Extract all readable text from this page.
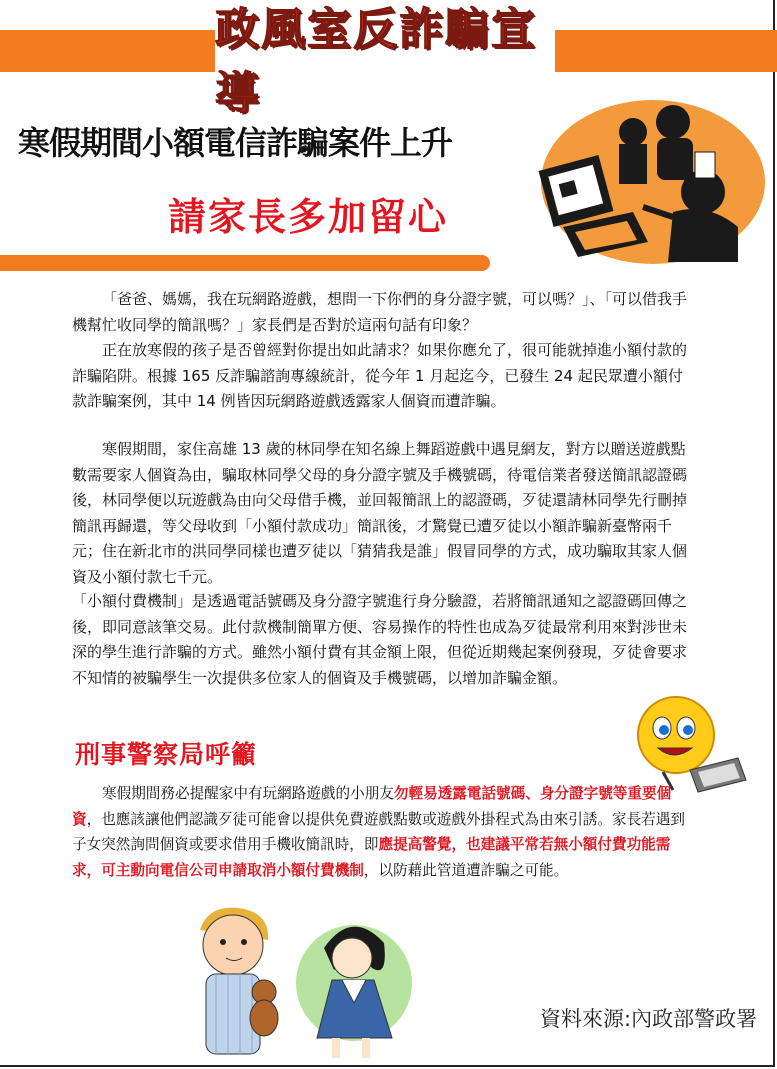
政風室反詐騙宣導
寒假期間小額電信詐騙案件上升
請家長多加留心

「爸爸、媽媽，我在玩網路遊戲，想問一下你們的身分證字號，可以嗎？」、「可以借我手機幫忙收同學的簡訊嗎？」家長們是否對於這兩句話有印象？

正在放寒假的孩子是否曾經對你提出如此請求？如果你應允了，很可能就掉進小額付款的詐騙陷阱。根據 165 反詐騙諮詢專線統計，從今年 1 月起迄今，已發生 24 起民眾遭小額付款詐騙案例，其中 14 例皆因玩網路遊戲透露家人個資而遭詐騙。

寒假期間，家住高雄 13 歲的林同學在知名線上舞蹈遊戲中遇見網友，對方以贈送遊戲點數需要家人個資為由，騙取林同學父母的身分證字號及手機號碼，待電信業者發送簡訊認證碼後，林同學便以玩遊戲為由向父母借手機，並回報簡訊上的認證碼，歹徒還請林同學先行刪掉簡訊再歸還，等父母收到「小額付款成功」簡訊後，才驚覺已遭歹徒以小額詐騙新臺幣兩千元；住在新北市的洪同學同樣也遭歹徒以「猜猜我是誰」假冒同學的方式，成功騙取其家人個資及小額付款七千元。

「小額付費機制」是透過電話號碼及身分證字號進行身分驗證，若將簡訊通知之認證碼回傳之後，即同意該筆交易。此付款機制簡單方便、容易操作的特性也成為歹徒最常利用來對涉世未深的學生進行詐騙的方式。雖然小額付費有其金額上限，但從近期幾起案例發現，歹徒會要求不知情的被騙學生一次提供多位家人的個資及手機號碼，以增加詐騙金額。

刑事警察局呼籲

寒假期間務必提醒家中有玩網路遊戲的小朋友勿輕易透露電話號碼、身分證字號等重要個資，也應該讓他們認識歹徒可能會以提供免費遊戲點數或遊戲外掛程式為由來引誘。家長若遇到子女突然詢問個資或要求借用手機收簡訊時，即應提高警覺，也建議平常若無小額付費功能需求，可主動向電信公司申請取消小額付費機制，以防藉此管道遭詐騙之可能。

資料來源:內政部警政署
